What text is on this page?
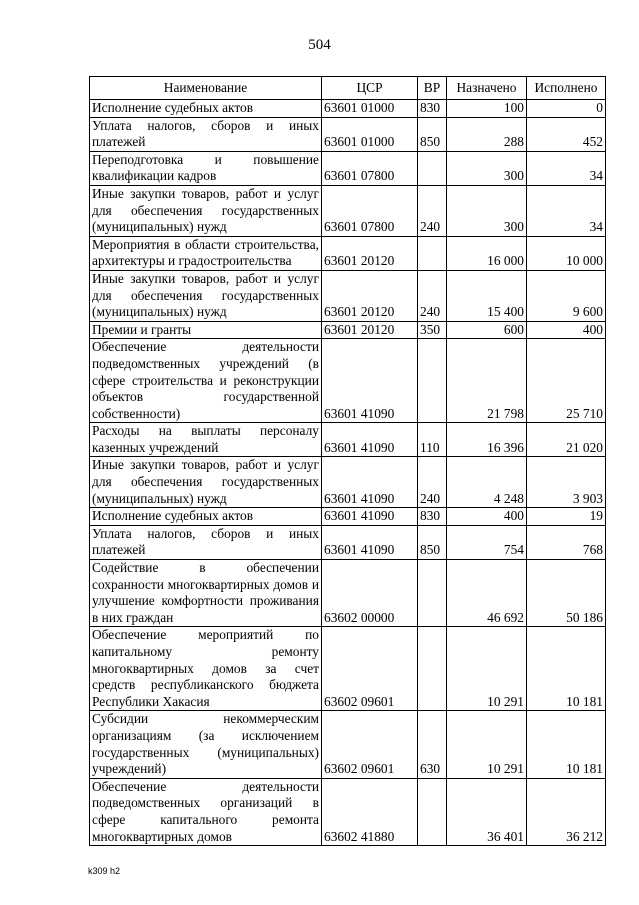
504
Наименование	ЦСР	ВР	Назначено	Исполнено
Исполнение судебных актов	63601 01000	830	100	0
Уплата налогов, сборов и иных платежей	63601 01000	850	288	452
Переподготовка и повышение квалификации кадров	63601 07800		300	34
Иные закупки товаров, работ и услуг для обеспечения государственных (муниципальных) нужд	63601 07800	240	300	34
Мероприятия в области строительства, архитектуры и градостроительства	63601 20120		16 000	10 000
Иные закупки товаров, работ и услуг для обеспечения государственных (муниципальных) нужд	63601 20120	240	15 400	9 600
Премии и гранты	63601 20120	350	600	400
Обеспечение деятельности подведомственных учреждений (в сфере строительства и реконструкции объектов государственной собственности)	63601 41090		21 798	25 710
Расходы на выплаты персоналу казенных учреждений	63601 41090	110	16 396	21 020
Иные закупки товаров, работ и услуг для обеспечения государственных (муниципальных) нужд	63601 41090	240	4 248	3 903
Исполнение судебных актов	63601 41090	830	400	19
Уплата налогов, сборов и иных платежей	63601 41090	850	754	768
Содействие в обеспечении сохранности многоквартирных домов и улучшение комфортности проживания в них граждан	63602 00000		46 692	50 186
Обеспечение мероприятий по капитальному ремонту многоквартирных домов за счет средств республиканского бюджета Республики Хакасия	63602 09601		10 291	10 181
Субсидии некоммерческим организациям (за исключением государственных (муниципальных) учреждений)	63602 09601	630	10 291	10 181
Обеспечение деятельности подведомственных организаций в сфере капитального ремонта многоквартирных домов	63602 41880		36 401	36 212
k309 h2
